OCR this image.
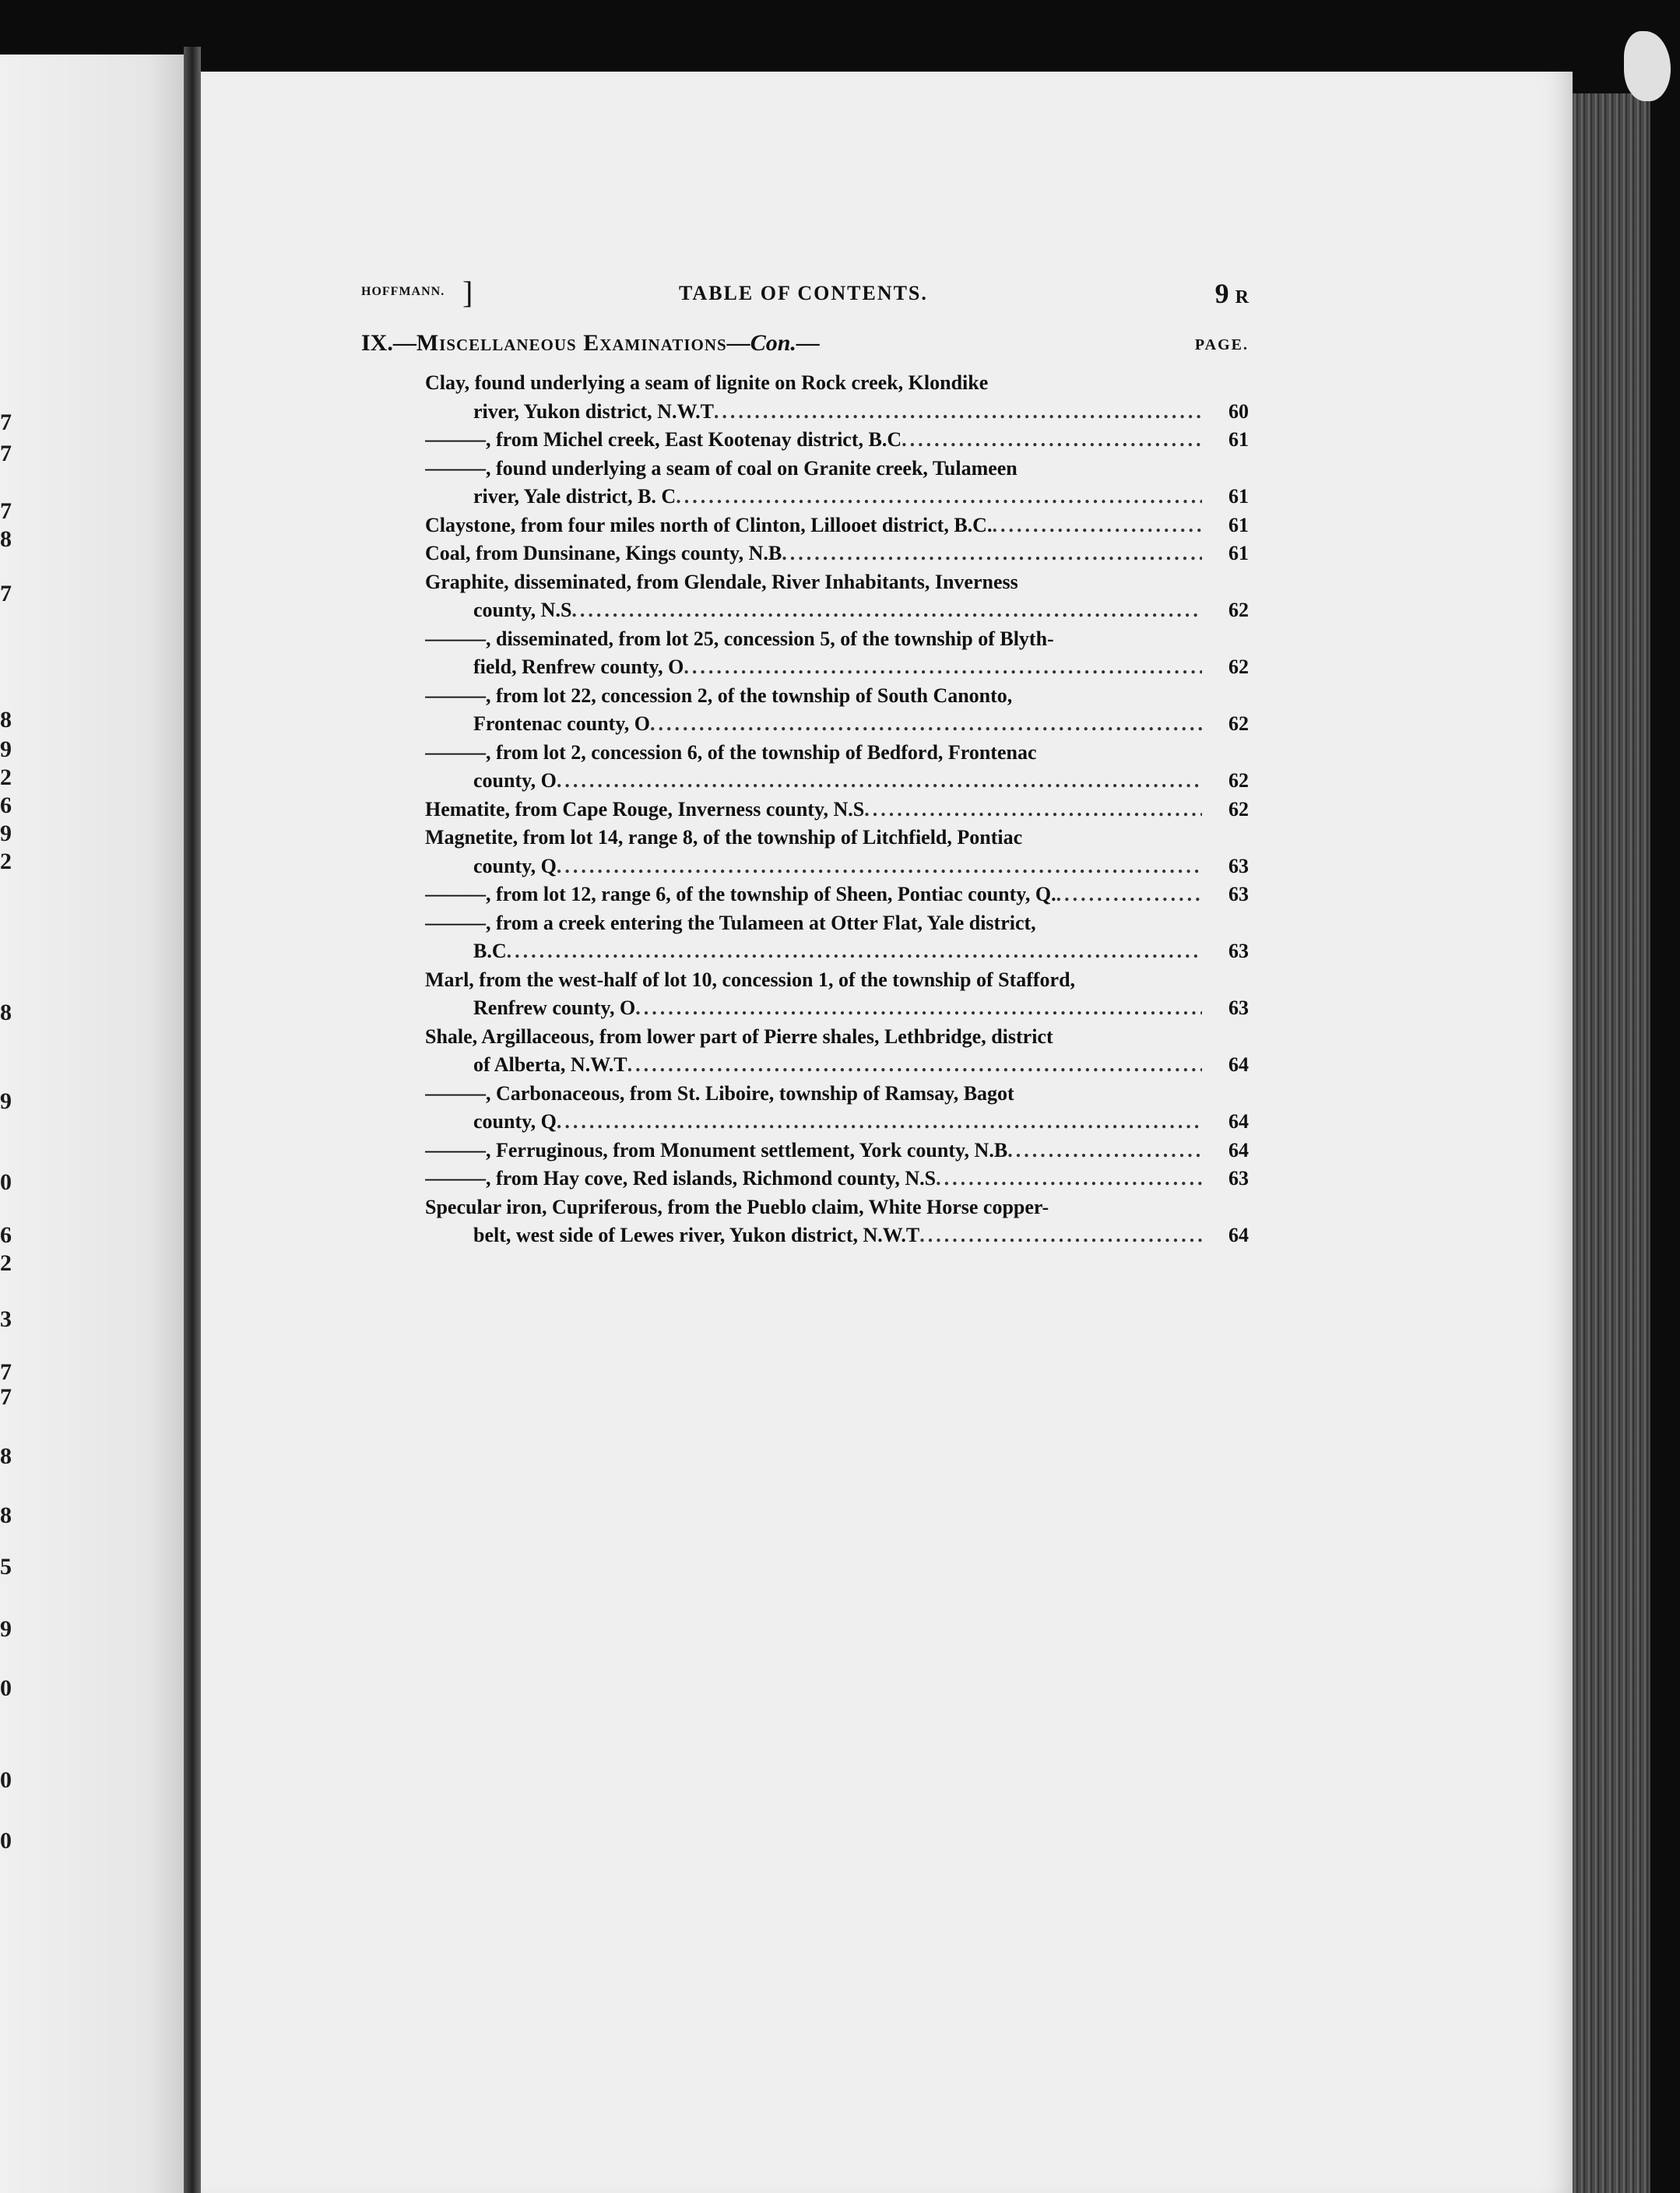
7
7
7
8
7
8
9
2
6
9
2
8
9
0
6
2
3
7
7
8
8
5
9
0
0
0
HOFFMANN. ]	TABLE OF CONTENTS.	9 R
IX.—Miscellaneous Examinations—Con.—	PAGE.
Clay, found underlying a seam of lignite on Rock creek, Klondike
river, Yukon district, N.W.T .....	60
———, from Michel creek, East Kootenay district, B.C .....	61
———, found underlying a seam of coal on Granite creek, Tulameen
river, Yale district, B. C .....	61
Claystone, from four miles north of Clinton, Lillooet district, B.C. .....	61
Coal, from Dunsinane, Kings county, N.B .....	61
Graphite, disseminated, from Glendale, River Inhabitants, Inverness
county, N.S .....	62
———, disseminated, from lot 25, concession 5, of the township of Blyth-
field, Renfrew county, O .....	62
———, from lot 22, concession 2, of the township of South Canonto,
Frontenac county, O .....	62
———, from lot 2, concession 6, of the township of Bedford, Frontenac
county, O .....	62
Hematite, from Cape Rouge, Inverness county, N.S .....	62
Magnetite, from lot 14, range 8, of the township of Litchfield, Pontiac
county, Q .....	63
———, from lot 12, range 6, of the township of Sheen, Pontiac county, Q. .....	63
———, from a creek entering the Tulameen at Otter Flat, Yale district,
B.C .....	63
Marl, from the west-half of lot 10, concession 1, of the township of Stafford,
Renfrew county, O .....	63
Shale, Argillaceous, from lower part of Pierre shales, Lethbridge, district
of Alberta, N.W.T .....	64
———, Carbonaceous, from St. Liboire, township of Ramsay, Bagot
county, Q .....	64
———, Ferruginous, from Monument settlement, York county, N.B .....	64
———, from Hay cove, Red islands, Richmond county, N.S .....	63
Specular iron, Cupriferous, from the Pueblo claim, White Horse copper-
belt, west side of Lewes river, Yukon district, N.W.T .....	64
